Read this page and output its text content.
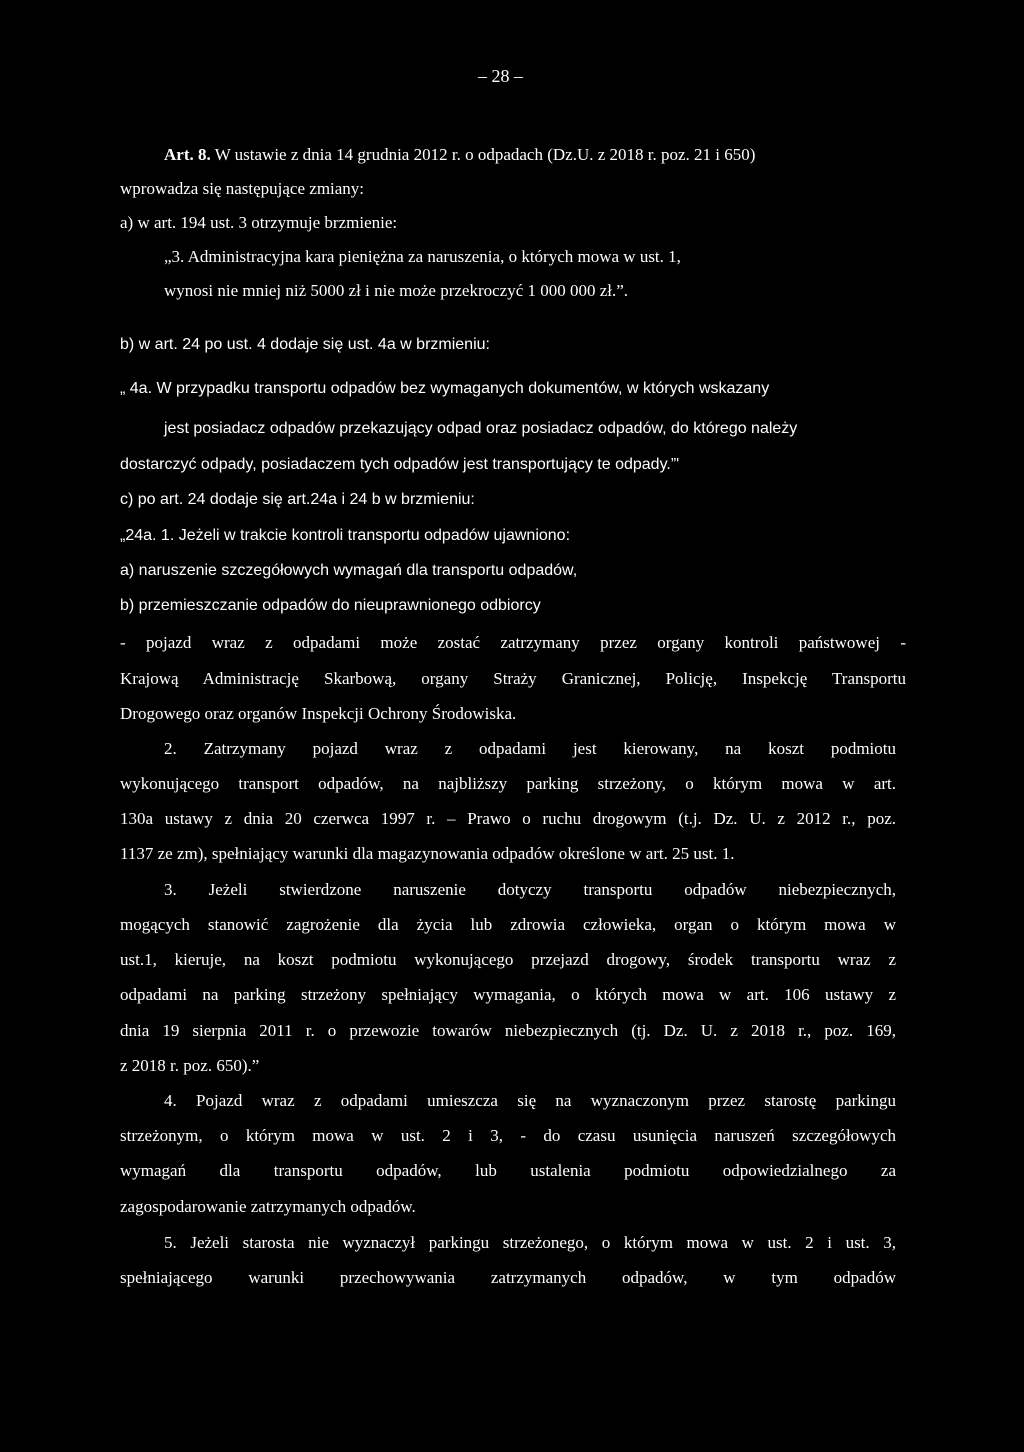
– 28 –
Art. 8. W ustawie z dnia 14 grudnia 2012 r. o odpadach (Dz.U. z 2018 r. poz. 21 i 650)
wprowadza się następujące zmiany:
a) w art. 194 ust. 3 otrzymuje brzmienie:
„3. Administracyjna kara pieniężna za naruszenia, o których mowa w ust. 1,
wynosi nie mniej niż 5000 zł i nie może przekroczyć 1 000 000 zł.”.
b) w art. 24 po ust. 4 dodaje się ust. 4a w brzmieniu:
„ 4a. W przypadku transportu odpadów bez wymaganych dokumentów, w których wskazany
jest posiadacz odpadów przekazujący odpad oraz posiadacz odpadów, do którego należy
dostarczyć odpady, posiadaczem tych odpadów jest transportujący te odpady.”'
c) po art. 24 dodaje się art.24a i 24 b w brzmieniu:
„24a. 1. Jeżeli w trakcie kontroli transportu odpadów ujawniono:
a) naruszenie szczegółowych wymagań dla transportu odpadów,
b) przemieszczanie odpadów do nieuprawnionego odbiorcy
- pojazd wraz z odpadami może zostać zatrzymany przez organy kontroli państwowej -
Krajową Administrację Skarbową, organy Straży Granicznej, Policję, Inspekcję Transportu
Drogowego oraz organów Inspekcji Ochrony Środowiska.
2. Zatrzymany pojazd wraz z odpadami jest kierowany, na koszt podmiotu
wykonującego transport odpadów, na najbliższy parking strzeżony, o którym mowa w art.
130a ustawy z dnia 20 czerwca 1997 r. – Prawo o ruchu drogowym (t.j. Dz. U. z 2012 r., poz.
1137 ze zm), spełniający warunki dla magazynowania odpadów określone w art. 25 ust. 1.
3. Jeżeli stwierdzone naruszenie dotyczy transportu odpadów niebezpiecznych,
mogących stanowić zagrożenie dla życia lub zdrowia człowieka, organ o którym mowa w
ust.1, kieruje, na koszt podmiotu wykonującego przejazd drogowy, środek transportu wraz z
odpadami na parking strzeżony spełniający wymagania, o których mowa w art. 106 ustawy z
dnia 19 sierpnia 2011 r. o przewozie towarów niebezpiecznych (tj. Dz. U. z 2018 r., poz. 169,
z 2018 r. poz. 650).”
4. Pojazd wraz z odpadami umieszcza się na wyznaczonym przez starostę parkingu
strzeżonym, o którym mowa w ust. 2 i 3, - do czasu usunięcia naruszeń szczegółowych
wymagań dla transportu odpadów, lub ustalenia podmiotu odpowiedzialnego za
zagospodarowanie zatrzymanych odpadów.
5. Jeżeli starosta nie wyznaczył parkingu strzeżonego, o którym mowa w ust. 2 i ust. 3,
spełniającego warunki przechowywania zatrzymanych odpadów, w tym odpadów
